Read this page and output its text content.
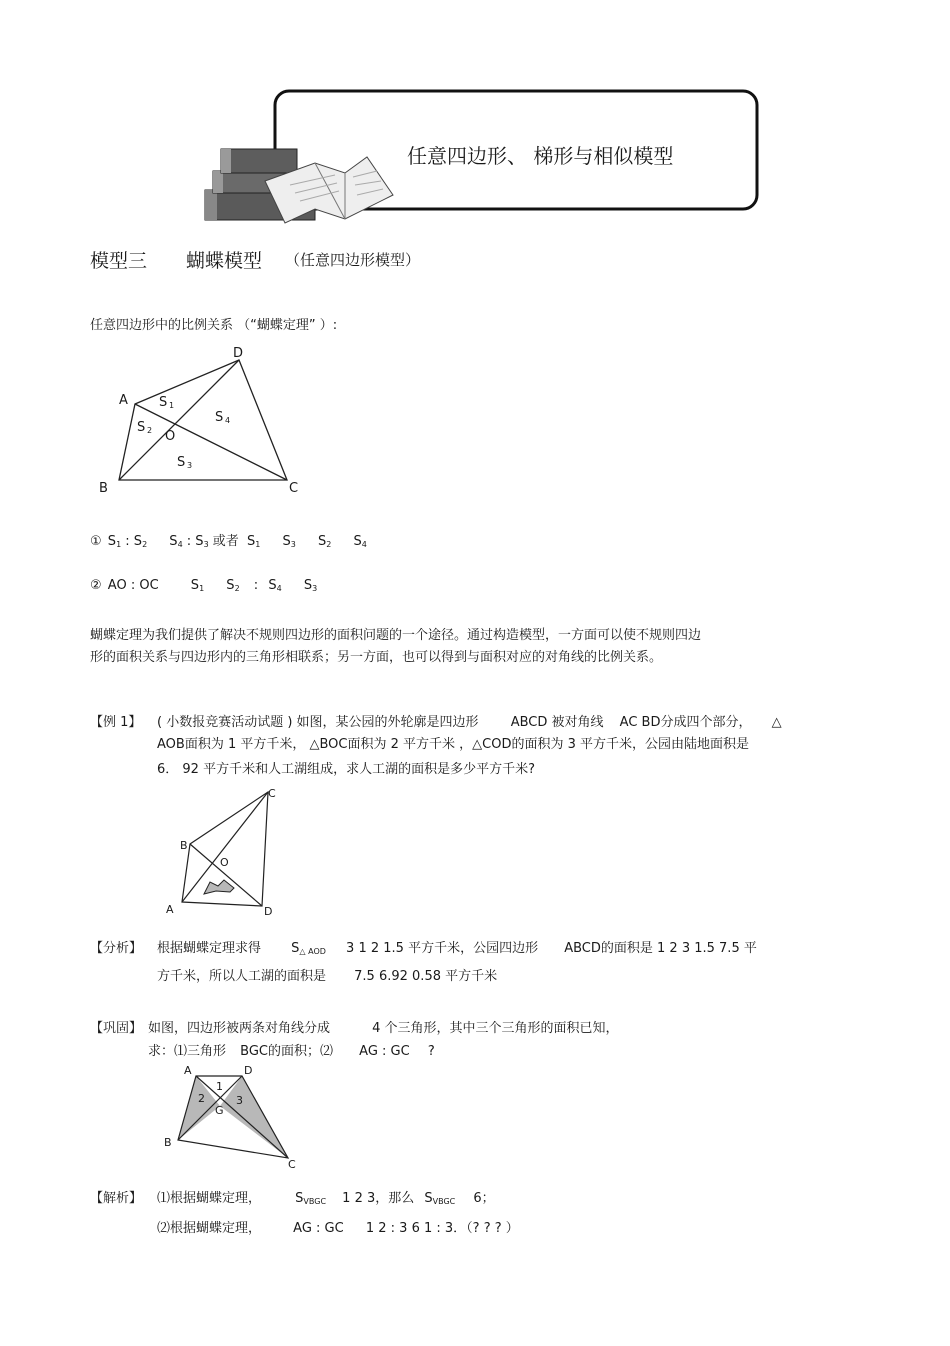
任意四边形、 梯形与相似模型
模型三 蝴蝶模型 （任意四边形模型）
任意四边形中的比例关系 （“蝴蝶定理” ）:
D
A
B	C
O
S 1
S 2
S 4
S 3
① $S_1$ : $S_2$ $S_4$ : $S_3$ 或者 $S_1$ $S_3$ $S_2$ $S_4$
② AO : OC $S_1$ $S_2$ : $S_4$ $S_3$
蝴蝶定理为我们提供了解决不规则四边形的面积问题的一个途径。通过构造模型，一方面可以使不规则四边
形的面积关系与四边形内的三角形相联系；另一方面，也可以得到与面积对应的对角线的比例关系。
【例 1】 ( 小数报竞赛活动试题 ) 如图，某公园的外轮廓是四边形 ABCD 被对角线 AC BD分成四个部分， △
AOB面积为 1 平方千米， △BOC面积为 2 平方千米 ，△COD的面积为 3 平方千米，公园由陆地面积是
6． 92 平方千米和人工湖组成，求人工湖的面积是多少平方千米?
C
B
O
A	D
【分析】 根据蝴蝶定理求得 $S_{\triangle AOD}$ 3 1 2 1.5 平方千米，公园四边形 ABCD的面积是 1 2 3 1.5 7.5 平
方千米，所以人工湖的面积是 7.5 6.92 0.58 平方千米
【巩固】 如图，四边形被两条对角线分成	4 个三角形，其中三个三角形的面积已知，
求：⑴三角形 BGC的面积；⑵ AG : GC ?
A	D
B
C
G
1
2	3
【解析】 ⑴根据蝴蝶定理，	$S_{VBGC}$ 1 2 3，那么 $S_{VBGC}$ 6；
⑵根据蝴蝶定理， AG : GC 1 2 : 3 6 1 : 3．（? ? ? ）
